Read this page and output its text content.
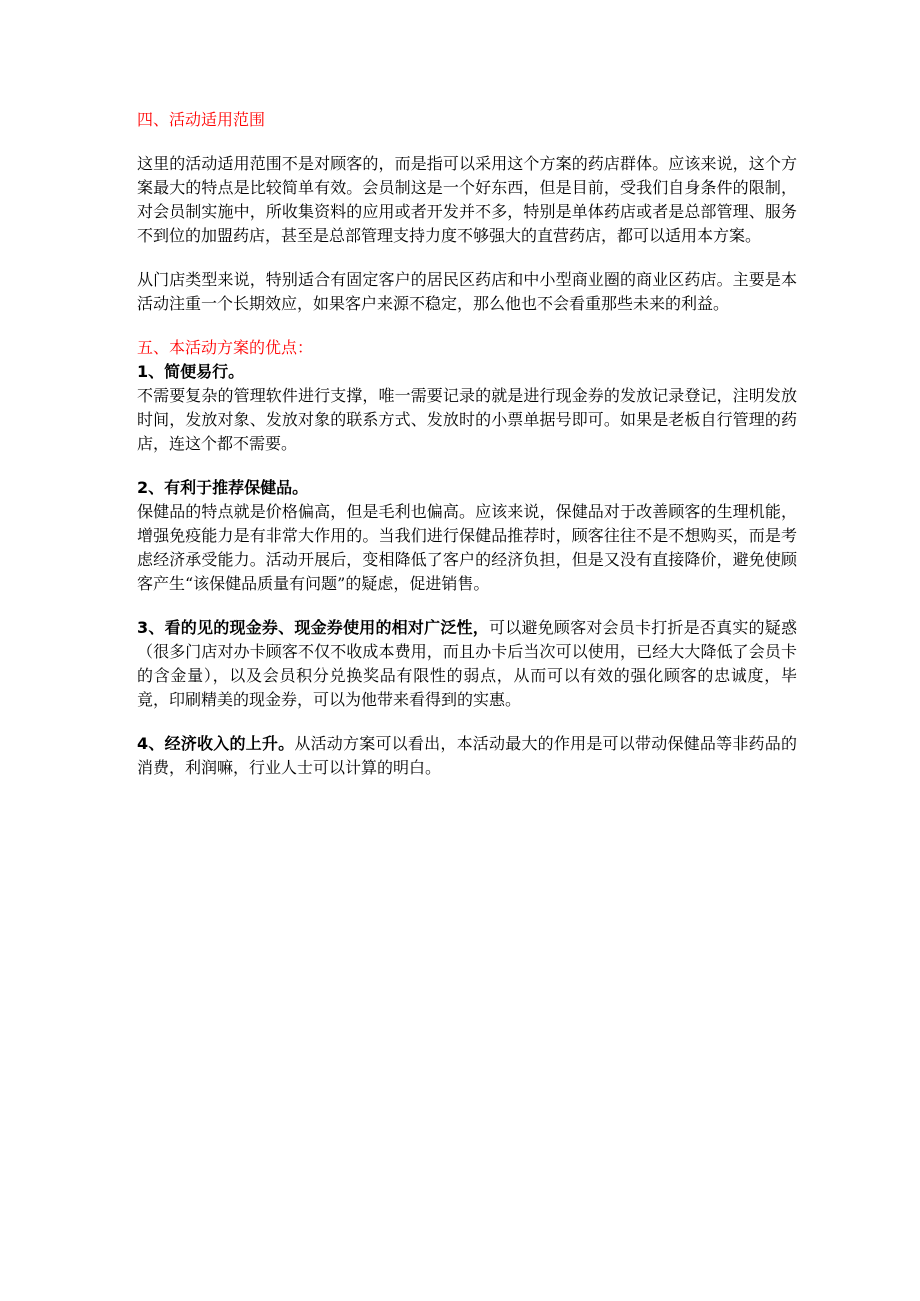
四、活动适用范围

这里的活动适用范围不是对顾客的，而是指可以采用这个方案的药店群体。应该来说，这个方案最大的特点是比较简单有效。会员制这是一个好东西，但是目前，受我们自身条件的限制，对会员制实施中，所收集资料的应用或者开发并不多，特别是单体药店或者是总部管理、服务不到位的加盟药店，甚至是总部管理支持力度不够强大的直营药店，都可以适用本方案。

从门店类型来说，特别适合有固定客户的居民区药店和中小型商业圈的商业区药店。主要是本活动注重一个长期效应，如果客户来源不稳定，那么他也不会看重那些未来的利益。

五、本活动方案的优点：
1、简便易行。

不需要复杂的管理软件进行支撑，唯一需要记录的就是进行现金券的发放记录登记，注明发放时间，发放对象、发放对象的联系方式、发放时的小票单据号即可。如果是老板自行管理的药店，连这个都不需要。

2、有利于推荐保健品。

保健品的特点就是价格偏高，但是毛利也偏高。应该来说，保健品对于改善顾客的生理机能，增强免疫能力是有非常大作用的。当我们进行保健品推荐时，顾客往往不是不想购买，而是考虑经济承受能力。活动开展后，变相降低了客户的经济负担，但是又没有直接降价，避免使顾客产生“该保健品质量有问题”的疑虑，促进销售。

3、看的见的现金券、现金券使用的相对广泛性，可以避免顾客对会员卡打折是否真实的疑惑（很多门店对办卡顾客不仅不收成本费用，而且办卡后当次可以使用，已经大大降低了会员卡的含金量），以及会员积分兑换奖品有限性的弱点，从而可以有效的强化顾客的忠诚度，毕竟，印刷精美的现金券，可以为他带来看得到的实惠。

4、经济收入的上升。从活动方案可以看出，本活动最大的作用是可以带动保健品等非药品的消费，利润嘛，行业人士可以计算的明白。
